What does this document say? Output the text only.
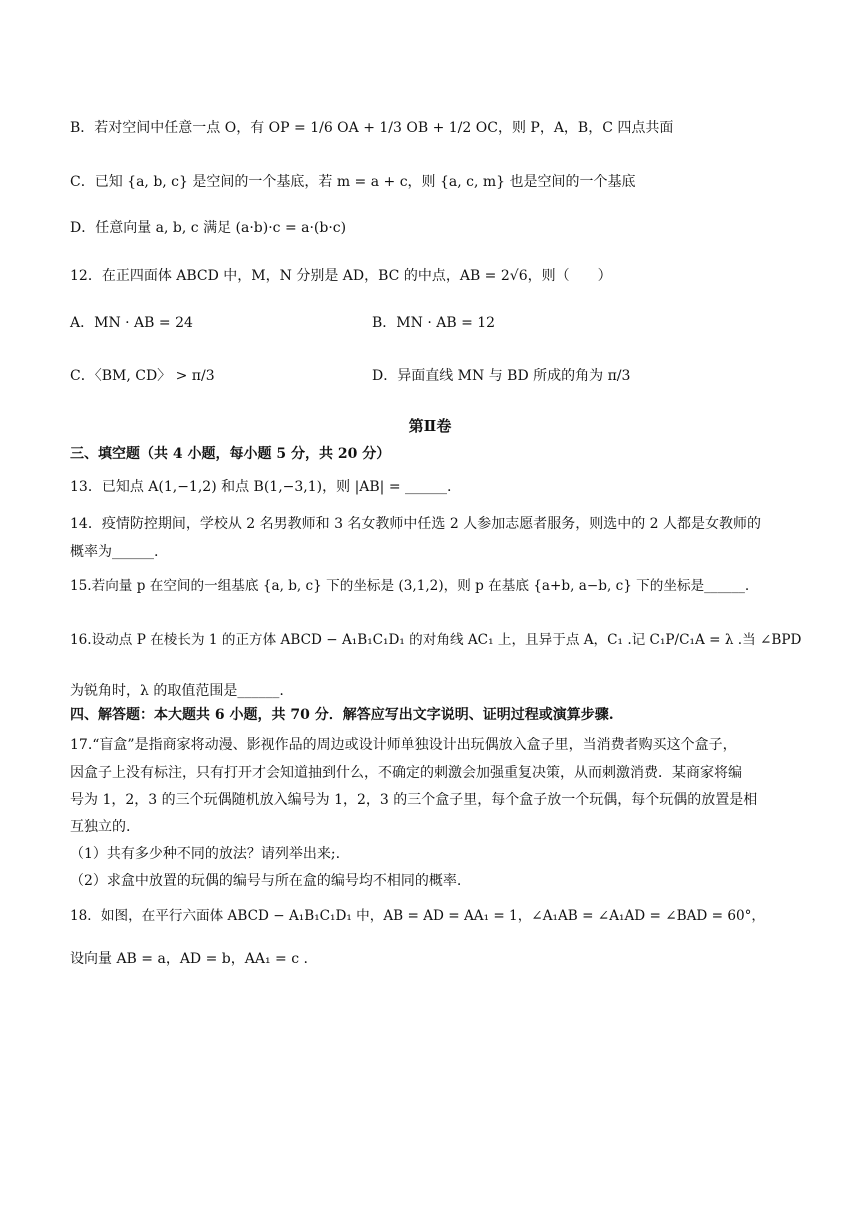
B．若对空间中任意一点 O，有 OP = 1/6 OA + 1/3 OB + 1/2 OC，则 P，A，B，C 四点共面
C．已知 {a, b, c} 是空间的一个基底，若 m = a + c，则 {a, c, m} 也是空间的一个基底
D．任意向量 a, b, c 满足 (a·b)·c = a·(b·c)
12．在正四面体 ABCD 中，M，N 分别是 AD，BC 的中点，AB = 2√6，则（　　）
A．MN · AB = 24	B．MN · AB = 12
C．〈BM, CD〉 > π/3	D．异面直线 MN 与 BD 所成的角为 π/3
第Ⅱ卷
三、填空题（共 4 小题，每小题 5 分，共 20 分）
13．已知点 A(1,−1,2) 和点 B(1,−3,1)，则 |AB| = ______.
14．疫情防控期间，学校从 2 名男教师和 3 名女教师中任选 2 人参加志愿者服务，则选中的 2 人都是女教师的
概率为______.
15.若向量 p 在空间的一组基底 {a, b, c} 下的坐标是 (3,1,2)，则 p 在基底 {a+b, a−b, c} 下的坐标是______.
16.设动点 P 在棱长为 1 的正方体 ABCD − A₁B₁C₁D₁ 的对角线 AC₁ 上，且异于点 A，C₁ .记 C₁P/C₁A = λ .当 ∠BPD
为锐角时，λ 的取值范围是______.
四、解答题：本大题共 6 小题，共 70 分．解答应写出文字说明、证明过程或演算步骤.
17.“盲盒”是指商家将动漫、影视作品的周边或设计师单独设计出玩偶放入盒子里，当消费者购买这个盒子，
因盒子上没有标注，只有打开才会知道抽到什么，不确定的刺激会加强重复决策，从而刺激消费．某商家将编
号为 1，2，3 的三个玩偶随机放入编号为 1，2，3 的三个盒子里，每个盒子放一个玩偶，每个玩偶的放置是相
互独立的.
（1）共有多少种不同的放法？请列举出来;.
（2）求盒中放置的玩偶的编号与所在盒的编号均不相同的概率.
18．如图，在平行六面体 ABCD − A₁B₁C₁D₁ 中，AB = AD = AA₁ = 1，∠A₁AB = ∠A₁AD = ∠BAD = 60°，
设向量 AB = a，AD = b，AA₁ = c .
